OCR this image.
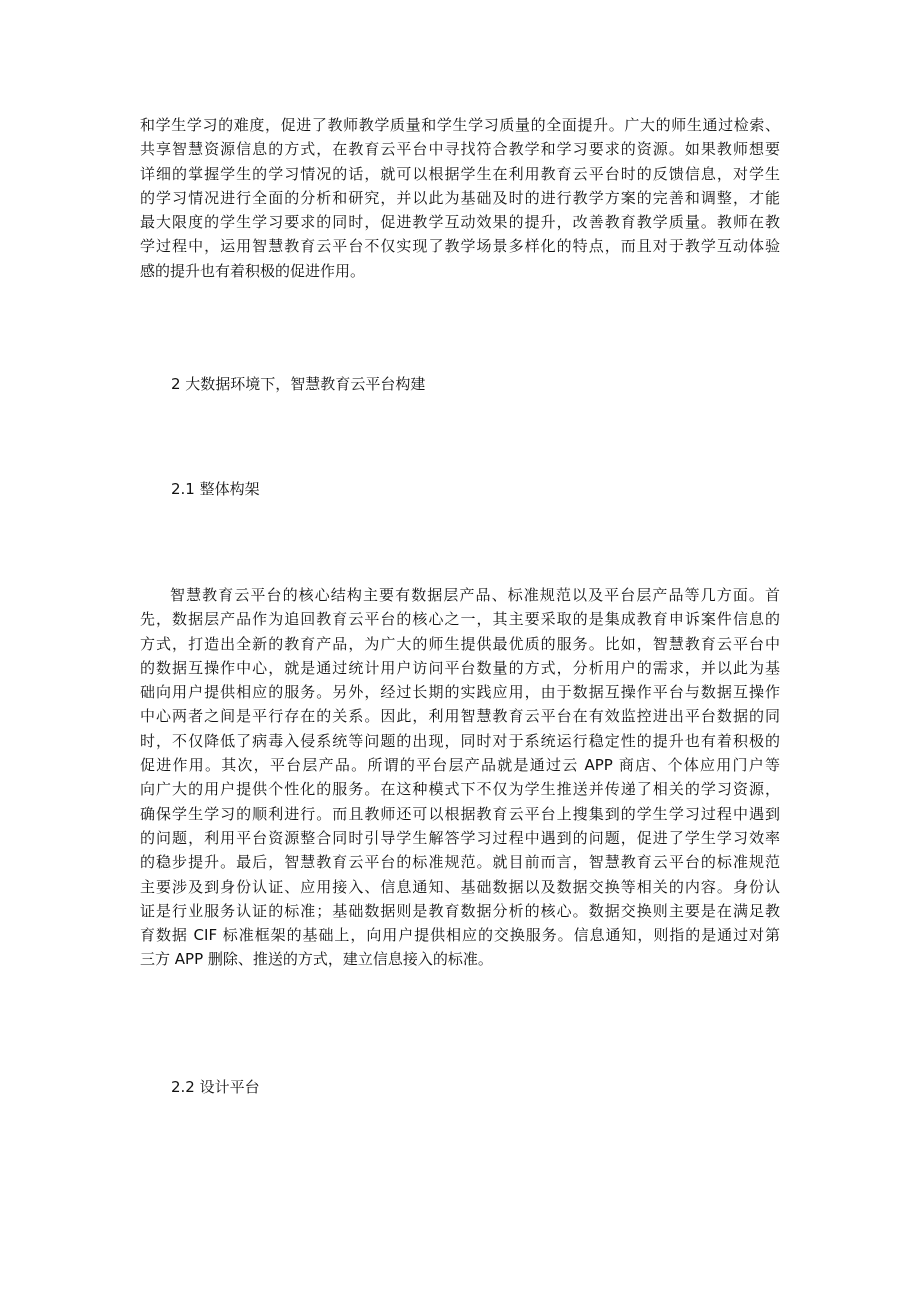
和学生学习的难度，促进了教师教学质量和学生学习质量的全面提升。广大的师生通过检索、
共享智慧资源信息的方式，在教育云平台中寻找符合教学和学习要求的资源。如果教师想要
详细的掌握学生的学习情况的话，就可以根据学生在利用教育云平台时的反馈信息，对学生
的学习情况进行全面的分析和研究，并以此为基础及时的进行教学方案的完善和调整，才能
最大限度的学生学习要求的同时，促进教学互动效果的提升，改善教育教学质量。教师在教
学过程中，运用智慧教育云平台不仅实现了教学场景多样化的特点，而且对于教学互动体验
感的提升也有着积极的促进作用。
2 大数据环境下，智慧教育云平台构建
2.1 整体构架
智慧教育云平台的核心结构主要有数据层产品、标准规范以及平台层产品等几方面。首
先，数据层产品作为追回教育云平台的核心之一，其主要采取的是集成教育申诉案件信息的
方式，打造出全新的教育产品，为广大的师生提供最优质的服务。比如，智慧教育云平台中
的数据互操作中心，就是通过统计用户访问平台数量的方式，分析用户的需求，并以此为基
础向用户提供相应的服务。另外，经过长期的实践应用，由于数据互操作平台与数据互操作
中心两者之间是平行存在的关系。因此，利用智慧教育云平台在有效监控进出平台数据的同
时，不仅降低了病毒入侵系统等问题的出现，同时对于系统运行稳定性的提升也有着积极的
促进作用。其次，平台层产品。所谓的平台层产品就是通过云 APP 商店、个体应用门户等
向广大的用户提供个性化的服务。在这种模式下不仅为学生推送并传递了相关的学习资源，
确保学生学习的顺利进行。而且教师还可以根据教育云平台上搜集到的学生学习过程中遇到
的问题，利用平台资源整合同时引导学生解答学习过程中遇到的问题，促进了学生学习效率
的稳步提升。最后，智慧教育云平台的标准规范。就目前而言，智慧教育云平台的标准规范
主要涉及到身份认证、应用接入、信息通知、基础数据以及数据交换等相关的内容。身份认
证是行业服务认证的标准；基础数据则是教育数据分析的核心。数据交换则主要是在满足教
育数据 CIF 标准框架的基础上，向用户提供相应的交换服务。信息通知，则指的是通过对第
三方 APP 删除、推送的方式，建立信息接入的标准。
2.2 设计平台
